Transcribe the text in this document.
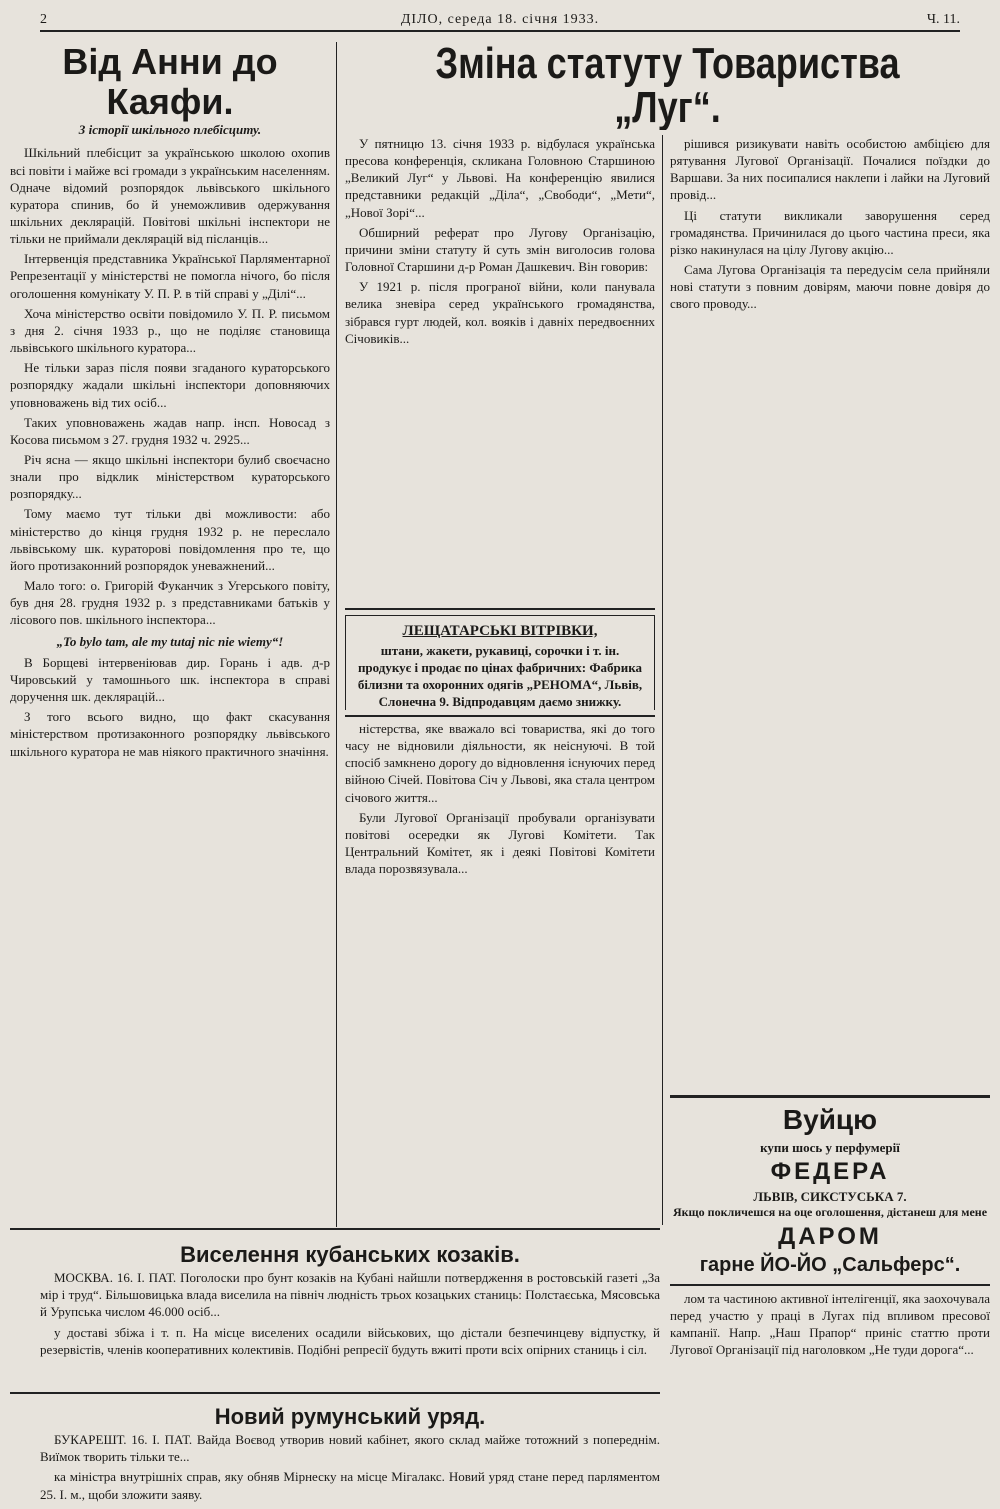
2	ДІЛО, середа 18. січня 1933.	Ч. 11.
Від Анни до Каяфи.
З історії шкільного плебісциту.

Шкільний плебісцит за українською школою охопив всі повіти і майже всі громади з українським населенням. Одначе відомий розпорядок львівського шкільного куратора спинив, бо й унеможливив одержування шкільних деклярацій. Повітові шкільні інспектори не тільки не приймали деклярацій від післанців...

Інтервенція представника Української Парляментарної Репрезентації у міністерстві не помогла нічого, бо після оголошення комунікату У. П. Р. в тій справі у „Ділі“...

Хоча міністерство освіти повідомило У. П. Р. письмом з дня 2. січня 1933 р., що не поділяє становища львівського шкільного куратора...

Не тільки зараз після появи згаданого кураторського розпорядку жадали шкільні інспектори доповняючих уповноважень від тих осіб...

Таких уповноважень жадав напр. інсп. Новосад з Косова письмом з 27. грудня 1932 ч. 2925...

Річ ясна — якщо шкільні інспектори булиб своєчасно знали про відклик міністерством кураторського розпорядку...

Тому маємо тут тільки дві можливости: або міністерство до кінця грудня 1932 р. не переслало львівському шк. кураторові повідомлення про те, що його протизаконний розпорядок уневажнений...

Мало того: о. Григорій Фуканчик з Угерського повіту, був дня 28. грудня 1932 р. з представниками батьків у лісового пов. шкільного інспектора...

„To bylo tam, ale my tutaj nic nie wiemy“!

В Борщеві інтервеніював дир. Горань і адв. д-р Чировський у тамошнього шк. інспектора в справі доручення шк. деклярацій...

З того всього видно, що факт скасування міністерством протизаконного розпорядку львівського шкільного куратора не мав ніякого практичного значіння.

Зміна статуту Товариства „Луг“.

У пятницю 13. січня 1933 р. відбулася українська пресова конференція, скликана Головною Старшиною „Великий Луг“ у Львові. На конференцію явилися представники редакцій „Діла“, „Свободи“, „Мети“, „Нової Зорі“...

Обширний реферат про Лугову Організацію, причини зміни статуту й суть змін виголосив голова Головної Старшини д-р Роман Дашкевич. Він говорив:

У 1921 р. після програної війни, коли панувала велика зневіра серед українського громадянства, зібрався гурт людей, кол. вояків і давніх передвоєнних Січовиків...

ЛЕЩАТАРСЬКІ ВІТРІВКИ,
штани, жакети, рукавиці, сорочки і т. ін. продукує і продає по цінах фабричних: Фабрика білизни та охоронних одягів „РЕНОМА“, Львів, Слонечна 9. Відпродавцям даємо знижку.

ністерства, яке вважало всі товариства, які до того часу не відновили діяльности, як неіснуючі. В той спосіб замкнено дорогу до відновлення існуючих перед війною Січей. Повітова Січ у Львові, яка стала центром січового життя...

Були Лугової Організації пробували організувати повітові осередки як Лугові Комітети. Так Центральний Комітет, як і деякі Повітові Комітети влада порозвязувала...

рішився ризикувати навіть особистою амбіцією для рятування Лугової Організації. Почалися поїздки до Варшави. За них посипалися наклепи і лайки на Луговий провід...

Ці статути викликали заворушення серед громадянства. Причинилася до цього частина преси, яка різко накинулася на цілу Лугову акцію...

Сама Лугова Організація та передусім села прийняли нові статути з повним довірям, маючи повне довіря до свого проводу...

Вуйцю
купи шось у перфумерії
ФЕДЕРА
ЛЬВІВ, СИКСТУСЬКА 7.
Якщо покличешся на оце оголошення, дістанеш для мене
ДАРОМ
гарне ЙО-ЙО „Сальферс“.

лом та частиною активної інтелігенції, яка заохочувала перед участю у праці в Лугах під впливом пресової кампанії. Напр. „Наш Прапор“ приніс статтю проти Лугової Організації під наголовком „Не туди дорога“...

Виселення кубанських козаків.

МОСКВА. 16. I. ПАТ. Поголоски про бунт козаків на Кубані найшли потвердження в ростовській газеті „За мір і труд“. Більшовицька влада виселила на північ людність трьох козацьких станиць: Полстаєська, Мясовська й Урупська числом 46.000 осіб...

у доставі збіжа і т. п. На місце виселених осадили військових, що дістали безпечинцеву відпустку, й резервістів, членів кооперативних колективів. Подібні репресії будуть вжиті проти всіх опірних станиць і сіл.

Новий румунський уряд.

БУКАРЕШТ. 16. I. ПАТ. Вайда Воєвод утворив новий кабінет, якого склад майже тотожний з попереднім. Виїмок творить тільки те...

ка міністра внутрішніх справ, яку обняв Мірнеску на місце Мігалакс. Новий уряд стане перед парляментом 25. I. м., щоби зложити заяву.
